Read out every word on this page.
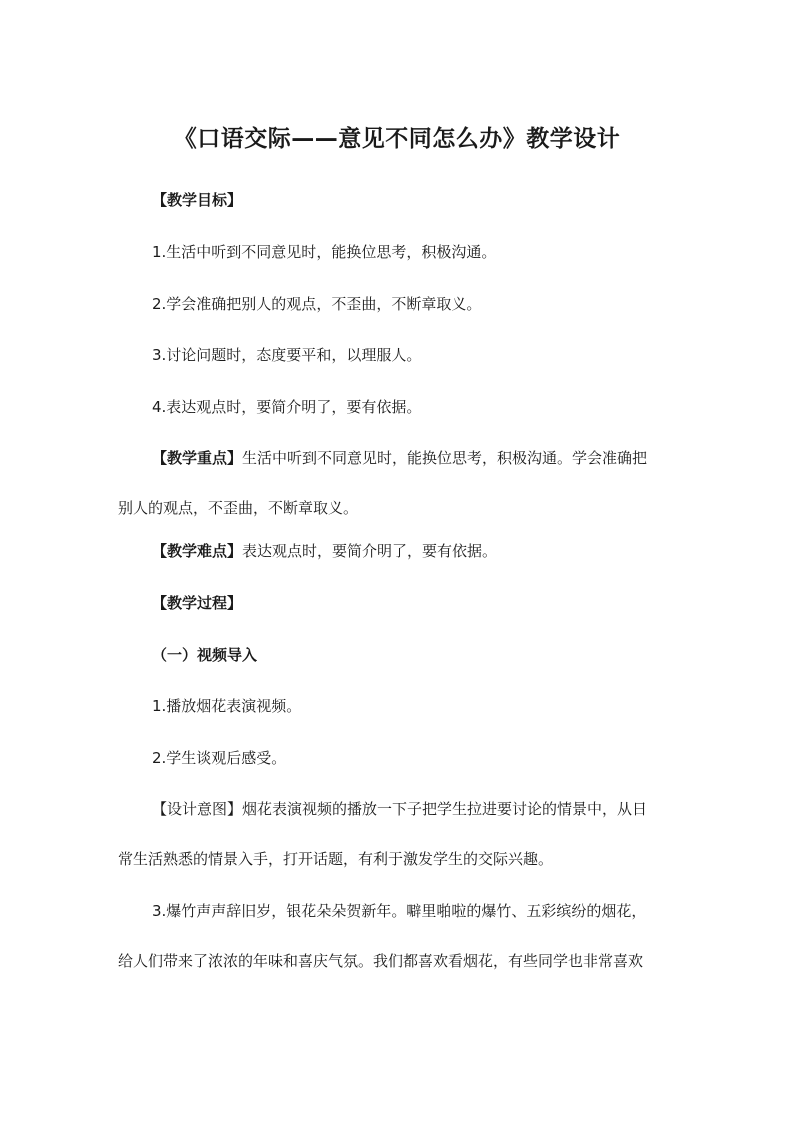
《口语交际——意见不同怎么办》教学设计
【教学目标】
1.生活中听到不同意见时，能换位思考，积极沟通。
2.学会准确把别人的观点，不歪曲，不断章取义。
3.讨论问题时，态度要平和，以理服人。
4.表达观点时，要简介明了，要有依据。
【教学重点】生活中听到不同意见时，能换位思考，积极沟通。学会准确把
别人的观点，不歪曲，不断章取义。
【教学难点】表达观点时，要简介明了，要有依据。
【教学过程】
（一）视频导入
1.播放烟花表演视频。
2.学生谈观后感受。
【设计意图】烟花表演视频的播放一下子把学生拉进要讨论的情景中，从日
常生活熟悉的情景入手，打开话题，有利于激发学生的交际兴趣。
3.爆竹声声辞旧岁，银花朵朵贺新年。噼里啪啦的爆竹、五彩缤纷的烟花，
给人们带来了浓浓的年味和喜庆气氛。我们都喜欢看烟花，有些同学也非常喜欢
